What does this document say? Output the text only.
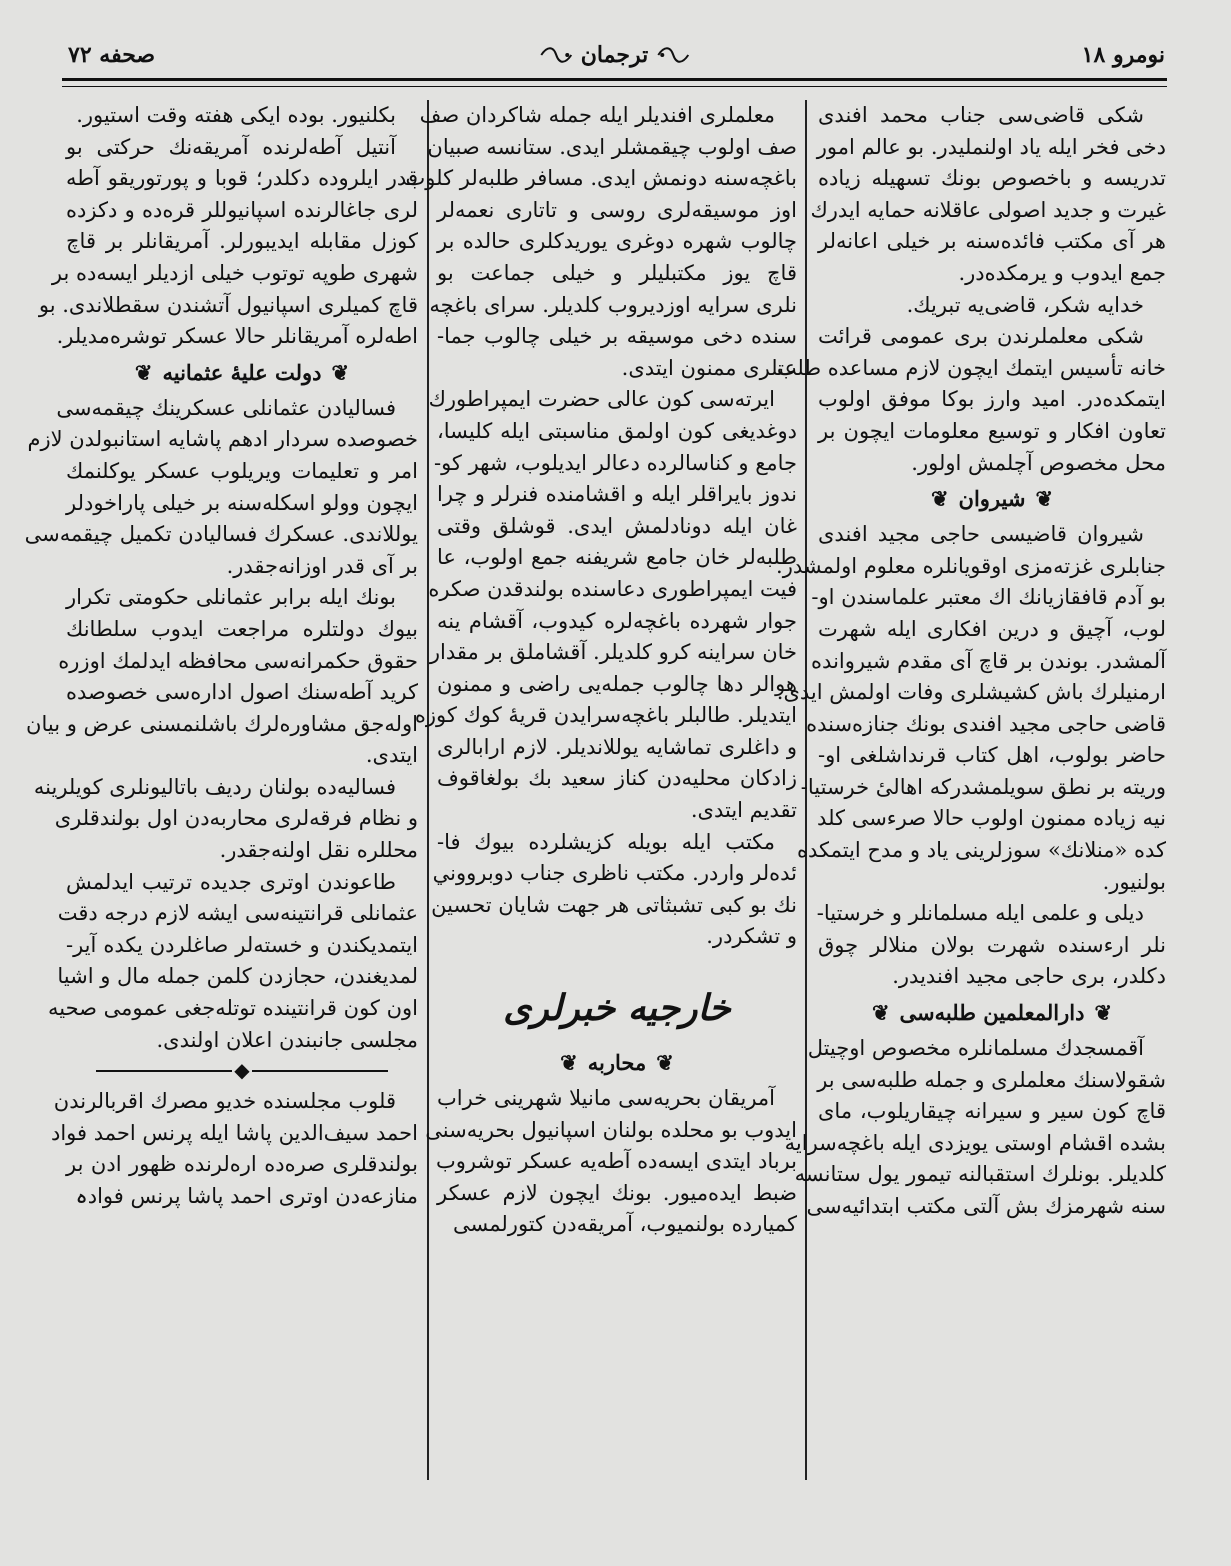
صحفه ۷۲	ترجمان	نومرو ۱۸
شکی قاضی‌سی جناب محمد افندی
دخی فخر ایله یاد اولنملیدر. بو عالم امور
تدریسه و باخصوص بونك تسهیله زیاده
غیرت و جدید اصولی عاقلانه حمایه ایدرك
هر آی مکتب فائده‌سنه بر خیلی اعانه‌لر
جمع ایدوب و یرمکده‌در.
خدایه شکر، قاضی‌یه تبریك.
شکی معلملرندن بری عمومی قرائت
خانه تأسیس ایتمك ایچون لازم مساعده طلب
ایتمکده‌در. امید وارز بوکا موفق اولوب
تعاون افکار و توسیع معلومات ایچون بر
محل مخصوص آچلمش اولور.
❦
شیروان
❦
شیروان قاضیسی حاجی مجید افندی
جنابلری غزته‌مزی اوقویانلره معلوم اولمشدر.
بو آدم قافقازیانك اك معتبر علماسندن او-
لوب، آچیق و درین افکاری ایله شهرت
آلمشدر. بوندن بر قاچ آی مقدم شیروانده
ارمنیلرك باش کشیشلری وفات اولمش ایدی.
قاضی حاجی مجید افندی بونك جنازه‌سنده
حاضر بولوب، اهل کتاب قرنداشلغی او-
وریته بر نطق سویلمشدرکه اهالیٔ خرستیا-
نیه زیاده ممنون اولوب حالا صرءسی کلد
کده «منلانك» سوزلرینی یاد و مدح ایتمکده
بولنیور.
دیلی و علمی ایله مسلمانلر و خرستیا-
نلر ارءسنده شهرت بولان منلالر چوق
دکلدر، بری حاجی مجید افندیدر.
❦
دارالمعلمین طلبه‌سی
❦
آقمسجدك مسلمانلره مخصوص اوچیتل
شقولاسنك معلملری و جمله طلبه‌سی بر
قاچ کون سیر و سیرانه چیقاریلوب، مای
بشده اقشام اوستی یویزدی ایله باغچه‌سرایه
کلدیلر. بونلرك استقبالنه تیمور یول ستانسه
سنه شهرمزك بش آلتی مکتب ابتدائیه‌سی
معلملری افندیلر ایله جمله شاکردان صف
صف اولوب چیقمشلر ایدی. ستانسه صبیان
باغچه‌سنه دونمش ایدی. مسافر طلبه‌لر کلوب
اوز موسیقه‌لری روسی و تاتاری نعمه‌لر
چالوب شهره دوغری یوریدکلری حالده بر
قاچ یوز مکتبلیلر و خیلی جماعت بو
نلری سرایه اوزدیروب کلدیلر. سرای باغچه
سنده دخی موسیقه بر خیلی چالوب جما-
عتلری ممنون ایتدی.
ایرته‌سی کون عالی حضرت ایمپراطورك
دوغدیغی کون اولمق مناسبتی ایله کلیسا،
جامع و کناسالرده دعالر ایدیلوب، شهر کو-
ندوز بایراقلر ایله و اقشامنده فنرلر و چرا
غان ایله دونادلمش ایدی. قوشلق وقتی
طلبه‌لر خان جامع شریفنه جمع اولوب، عا
فیت ایمپراطوری دعاسنده بولندقدن صکره
جوار شهرده باغچه‌لره کیدوب، آقشام ینه
خان سراینه کرو کلدیلر. آقشاملق بر مقدار
هوالر دها چالوب جمله‌یی راضی و ممنون
ایتدیلر. طالبلر باغچه‌سرایدن قریهٔ کوك کوزه
و داغلری تماشایه یوللاندیلر. لازم ارابالری
زادکان محلیه‌دن کناز سعید بك بولغاقوف
تقدیم ایتدی.
مکتب ایله بویله کزیشلرده بیوك فا-
ئده‌لر واردر. مکتب ناظری جناب دوبرووني
نك بو کبی تشبثاتی هر جهت شایان تحسین
و تشکردر.
خارجیه خبرلری
❦
محاربه
❦
آمریقان بحریه‌سی مانیلا شهرینی خراب
ایدوب بو محلده بولنان اسپانیول بحریه‌سنی
برباد ایتدی ایسه‌ده آطه‌یه عسکر توشروب
ضبط ایده‌میور. بونك ایچون لازم عسکر
کمیارده بولنمیوب، آمریقه‌دن کتورلمسی
بکلنیور. بوده ایکی هفته وقت استیور.
آنتیل آطه‌لرنده آمریقه‌نك حرکتی بو
قدر ایلروده دکلدر؛ قوبا و پورتوریقو آطه
لری جاغالرنده اسپانیوللر قره‌ده و دکزده
کوزل مقابله ایدیبورلر. آمریقانلر بر قاچ
شهری طوپه توتوب خیلی ازدیلر ایسه‌ده بر
قاچ کمیلری اسپانیول آتشندن سقطلاندی. بو
اطه‌لره آمریقانلر حالا عسکر توشره‌مدیلر.
❦
دولت علیهٔ عثمانیه
❦
فسالیادن عثمانلی عسکرینك چیقمه‌سی
خصوصده سردار ادهم پاشایه استانبولدن لازم
امر و تعلیمات ویریلوب عسکر یوکلنمك
ایچون وولو اسکله‌سنه بر خیلی پاراخودلر
یوللاندی. عسکرك فسالیادن تکمیل چیقمه‌سی
بر آی قدر اوزانه‌جقدر.
بونك ایله برابر عثمانلی حکومتی تکرار
بیوك دولتلره مراجعت ایدوب سلطانك
حقوق حکمرانه‌سی محافظه ایدلمك اوزره
کرید آطه‌سنك اصول اداره‌سی خصوصده
اوله‌جق مشاوره‌لرك باشلنمسنی عرض و بیان
ایتدی.
فسالیه‌ده بولنان ردیف باتالیونلری کویلرینه
و نظام فرقه‌لری محاربه‌دن اول بولندقلری
محللره نقل اولنه‌جقدر.
طاعوندن اوتری جدیده ترتیب ایدلمش
عثمانلی قرانتینه‌سی ایشه لازم درجه دقت
ایتمدیکندن و خسته‌لر صاغلردن یکده آیر-
لمدیغندن، حجازدن کلمن جمله مال و اشیا
اون کون قرانتینده توتله‌جغی عمومی صحیه
مجلسی جانبندن اعلان اولندی.
◆
قلوب مجلسنده خدیو مصرك اقربالرندن
احمد سیف‌الدین پاشا ایله پرنس احمد فواد
بولندقلری صره‌ده اره‌لرنده ظهور ادن بر
منازعه‌دن اوتری احمد پاشا پرنس فوادہ
